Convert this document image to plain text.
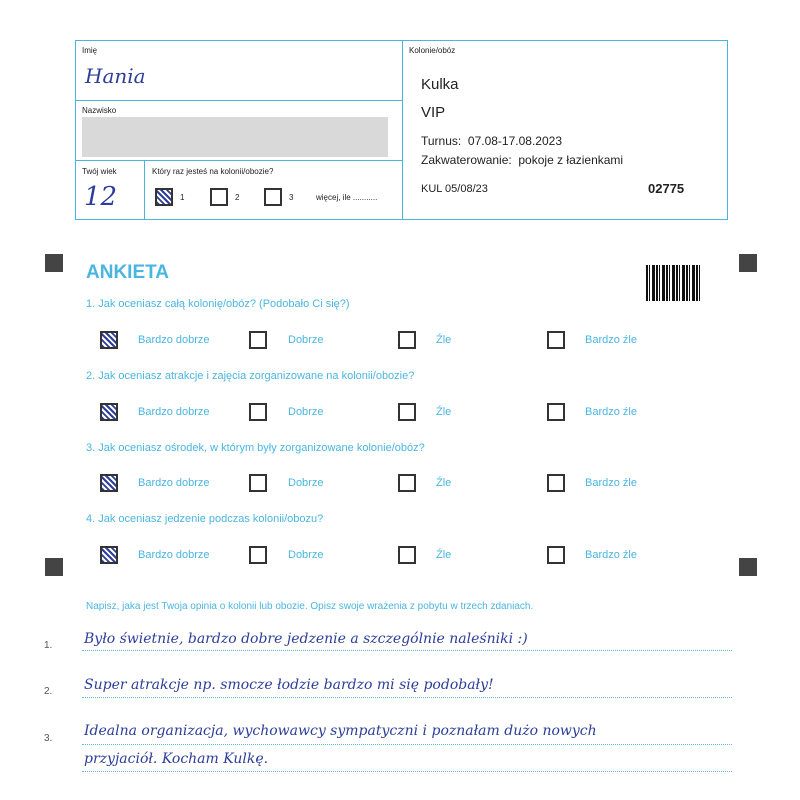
Imię
Hania
Nazwisko
Twój wiek
12
Który raz jesteś na kolonii/obozie?
1	2	3	więcej, ile ...........
Kolonie/obóz
Kulka
VIP
Turnus:  07.08-17.08.2023
Zakwaterowanie:  pokoje z łazienkami
KUL 05/08/23	02775
ANKIETA
1. Jak oceniasz całą kolonię/obóz? (Podobało Ci się?)
Bardzo dobrze	Dobrze	Źle	Bardzo źle
2. Jak oceniasz atrakcje i zajęcia zorganizowane na kolonii/obozie?
Bardzo dobrze	Dobrze	Źle	Bardzo źle
3. Jak oceniasz ośrodek, w którym były zorganizowane kolonie/obóz?
Bardzo dobrze	Dobrze	Źle	Bardzo źle
4. Jak oceniasz jedzenie podczas kolonii/obozu?
Bardzo dobrze	Dobrze	Źle	Bardzo źle
Napisz, jaka jest Twoja opinia o kolonii lub obozie. Opisz swoje wrażenia z pobytu w trzech zdaniach.
1. Było świetnie, bardzo dobre jedzenie a szczególnie naleśniki :)
2. Super atrakcje np. smocze łodzie bardzo mi się podobały!
3. Idealna organizacja, wychowawcy sympatyczni i poznałam dużo nowych
przyjaciół. Kocham Kulkę.
